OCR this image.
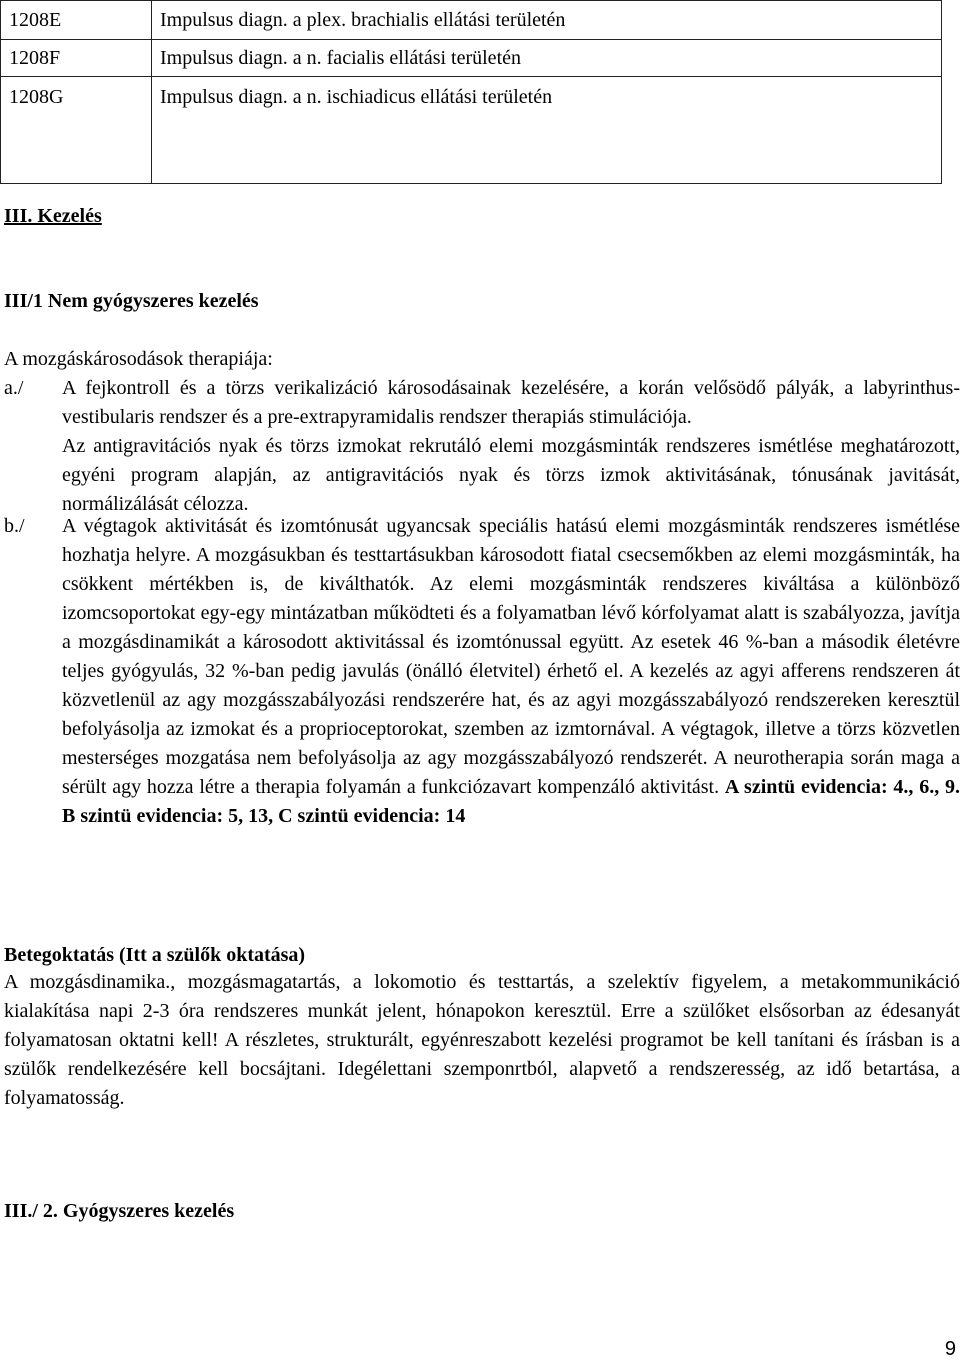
1208E	Impulsus diagn. a plex. brachialis ellátási területén
1208F	Impulsus diagn. a n. facialis ellátási területén
1208G	Impulsus diagn. a n. ischiadicus ellátási területén
III. Kezelés
III/1 Nem gyógyszeres kezelés
A mozgáskárosodások therapiája:
a./ A fejkontroll és a törzs verikalizáció károsodásainak kezelésére, a korán velősödő pályák, a labyrinthus-vestibularis rendszer és a pre-extrapyramidalis rendszer therapiás stimulációja.

Az antigravitációs nyak és törzs izmokat rekrutáló elemi mozgásminták rendszeres ismétlése meghatározott, egyéni program alapján, az antigravitációs nyak és törzs izmok aktivitásának, tónusának javitását, normálizálását célozza.

b./ A végtagok aktivitását és izomtónusát ugyancsak speciális hatású elemi mozgásminták rendszeres ismétlése hozhatja helyre. A mozgásukban és testtartásukban károsodott fiatal csecsemőkben az elemi mozgásminták, ha csökkent mértékben is, de kiválthatók. Az elemi mozgásminták rendszeres kiváltása a különböző izomcsoportokat egy-egy mintázatban működteti és a folyamatban lévő kórfolyamat alatt is szabályozza, javítja a mozgásdinamikát a károsodott aktivitással és izomtónussal együtt. Az esetek 46 %-ban a második életévre teljes gyógyulás, 32 %-ban pedig javulás (önálló életvitel) érhető el. A kezelés az agyi afferens rendszeren át közvetlenül az agy mozgásszabályozási rendszerére hat, és az agyi mozgásszabályozó rendszereken keresztül befolyásolja az izmokat és a proprioceptorokat, szemben az izmtornával. A végtagok, illetve a törzs közvetlen mesterséges mozgatása nem befolyásolja az agy mozgásszabályozó rendszerét. A neurotherapia során maga a sérült agy hozza létre a therapia folyamán a funkciózavart kompenzáló aktivitást. A szintü evidencia: 4., 6., 9. B szintü evidencia: 5, 13, C szintü evidencia: 14

Betegoktatás (Itt a szülők oktatása)

A mozgásdinamika., mozgásmagatartás, a lokomotio és testtartás, a szelektív figyelem, a metakommunikáció kialakítása napi 2-3 óra rendszeres munkát jelent, hónapokon keresztül. Erre a szülőket elsősorban az édesanyát folyamatosan oktatni kell! A részletes, strukturált, egyénreszabott kezelési programot be kell tanítani és írásban is a szülők rendelkezésére kell bocsájtani. Idegélettani szemponrtból, alapvető a rendszeresség, az idő betartása, a folyamatosság.

III./ 2. Gyógyszeres kezelés
9
